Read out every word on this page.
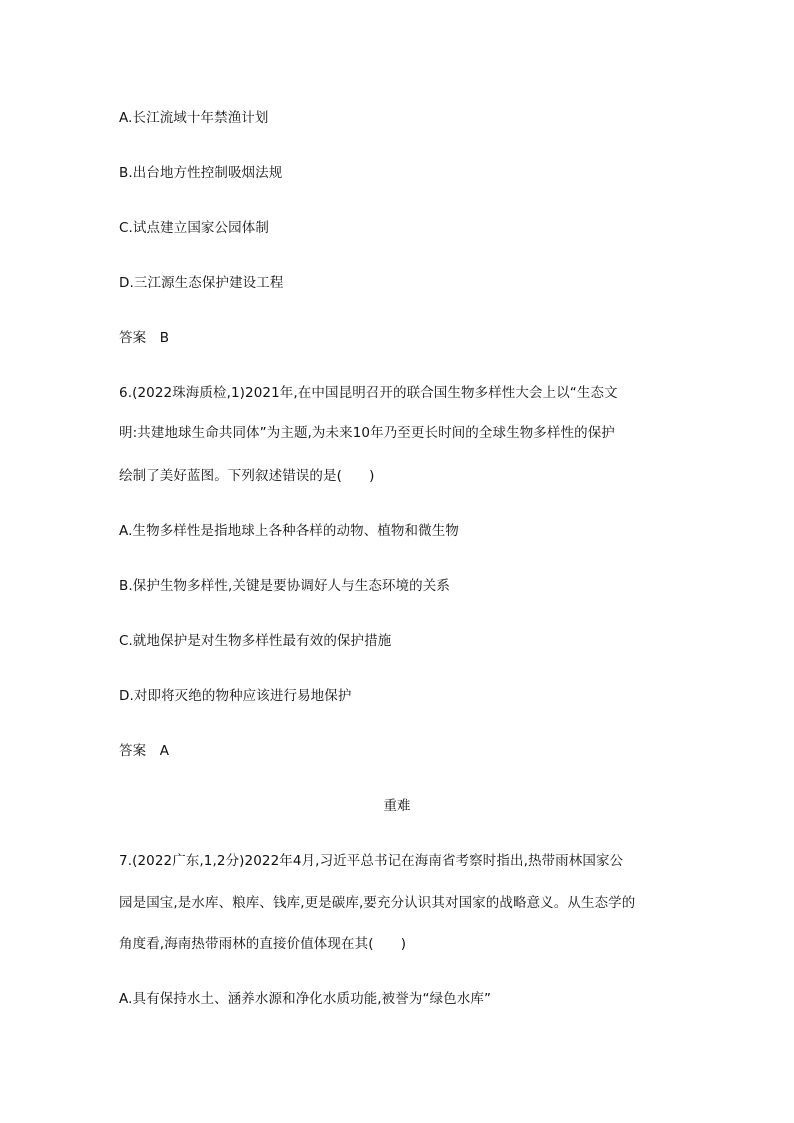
A.长江流域十年禁渔计划
B.出台地方性控制吸烟法规
C.试点建立国家公园体制
D.三江源生态保护建设工程
答案　B
6.(2022珠海质检,1)2021年,在中国昆明召开的联合国生物多样性大会上以“生态文
明:共建地球生命共同体”为主题,为未来10年乃至更长时间的全球生物多样性的保护
绘制了美好蓝图。下列叙述错误的是(　　)
A.生物多样性是指地球上各种各样的动物、植物和微生物
B.保护生物多样性,关键是要协调好人与生态环境的关系
C.就地保护是对生物多样性最有效的保护措施
D.对即将灭绝的物种应该进行易地保护
答案　A
重难
7.(2022广东,1,2分)2022年4月,习近平总书记在海南省考察时指出,热带雨林国家公
园是国宝,是水库、粮库、钱库,更是碳库,要充分认识其对国家的战略意义。从生态学的
角度看,海南热带雨林的直接价值体现在其(　　)
A.具有保持水土、涵养水源和净化水质功能,被誉为“绿色水库”
